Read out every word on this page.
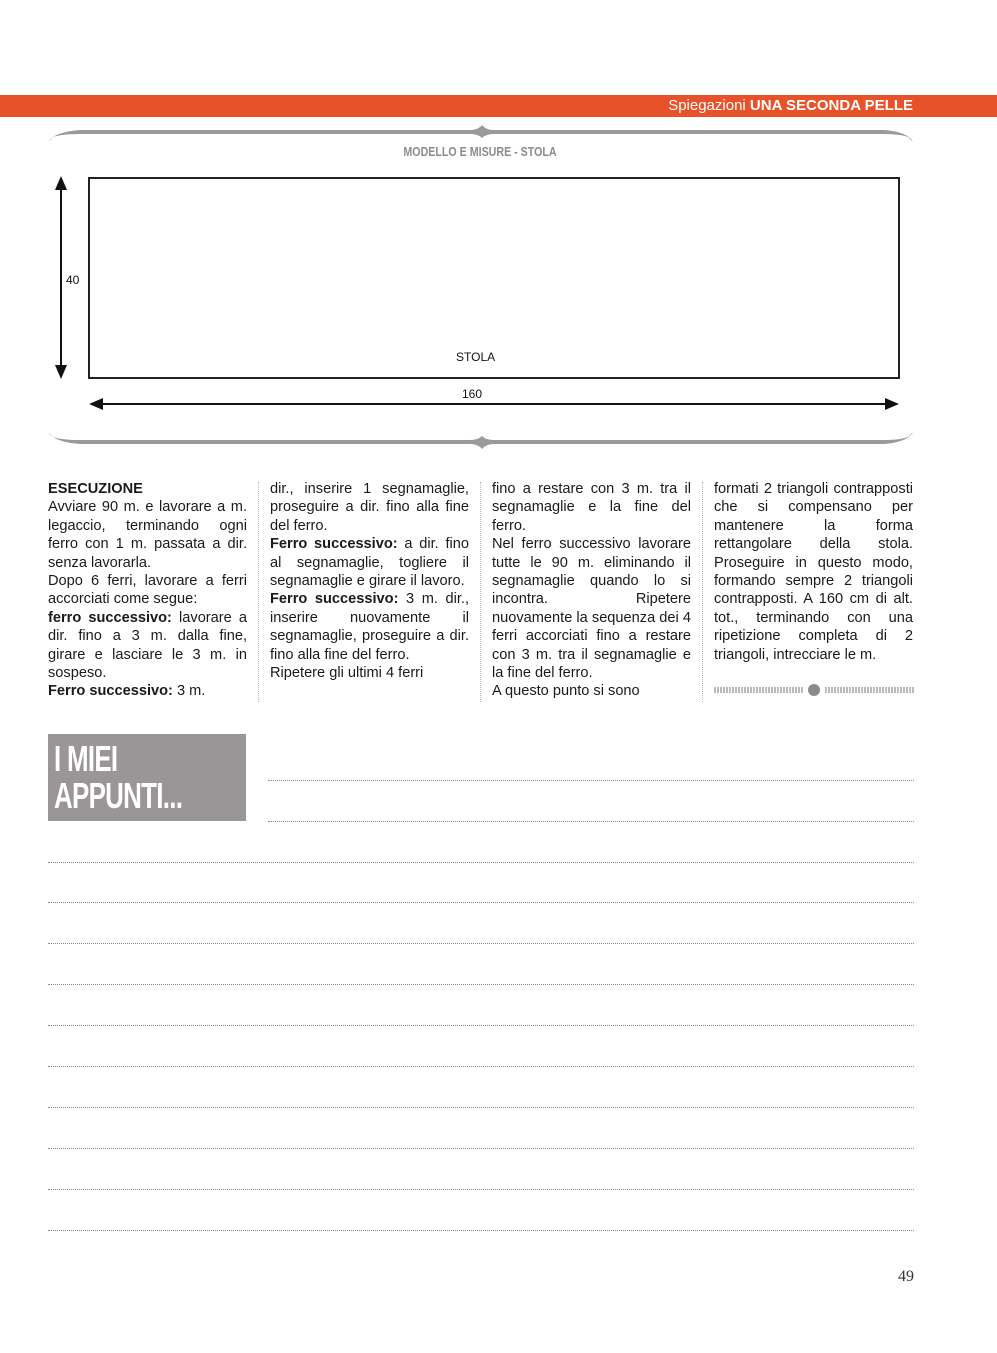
Spiegazioni UNA SECONDA PELLE
MODELLO E MISURE - STOLA
40
STOLA
160

ESECUZIONE

Avviare 90 m. e lavorare a m. legaccio, terminando ogni ferro con 1 m. passata a dir. senza lavorarla.

Dopo 6 ferri, lavorare a ferri accorciati come segue:

ferro successivo: lavorare a dir. fino a 3 m. dalla fine, girare e lasciare le 3 m. in sospeso.

Ferro successivo: 3 m.

dir., inserire 1 segnamaglie, proseguire a dir. fino alla fine del ferro.

Ferro successivo: a dir. fino al segnamaglie, togliere il segnamaglie e girare il lavoro.

Ferro successivo: 3 m. dir., inserire nuovamente il segnamaglie, proseguire a dir. fino alla fine del ferro.

Ripetere gli ultimi 4 ferri

fino a restare con 3 m. tra il segnamaglie e la fine del ferro.

Nel ferro successivo lavorare tutte le 90 m. eliminando il segnamaglie quando lo si incontra. Ripetere nuovamente la sequenza dei 4 ferri accorciati fino a restare con 3 m. tra il segnamaglie e la fine del ferro.

A questo punto si sono

formati 2 triangoli contrapposti che si compensano per mantenere la forma rettangolare della stola. Proseguire in questo modo, formando sempre 2 triangoli contrapposti. A 160 cm di alt. tot., terminando con una ripetizione completa di 2 triangoli, intrecciare le m.

I MIEI
APPUNTI...
49
